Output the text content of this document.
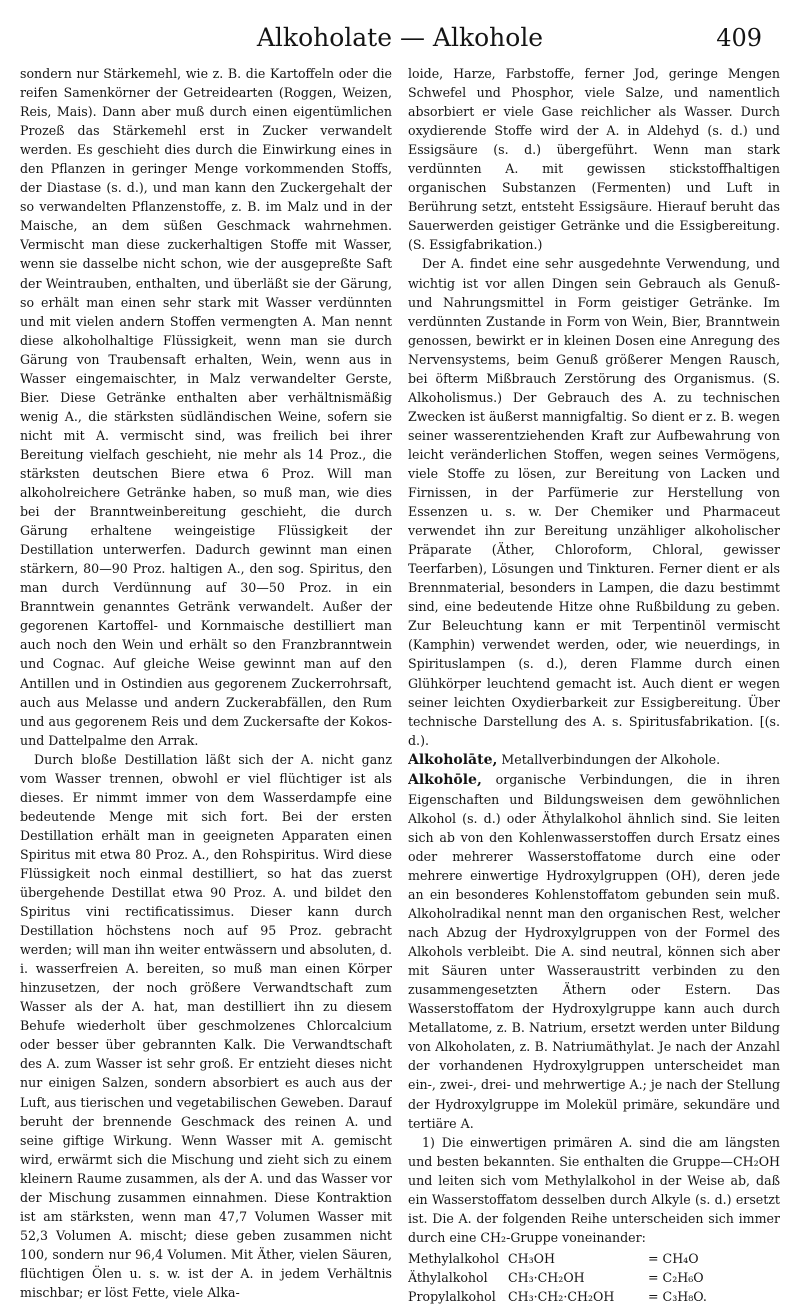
Alkoholate — Alkohole	409

sondern nur Stärkemehl, wie z. B. die Kartoffeln oder die reifen Samenkörner der Getreidearten (Roggen, Weizen, Reis, Mais). Dann aber muß durch einen eigentümlichen Prozeß das Stärkemehl erst in Zucker verwandelt werden. Es geschieht dies durch die Einwirkung eines in den Pflanzen in geringer Menge vorkommenden Stoffs, der Diastase (s. d.), und man kann den Zuckergehalt der so verwandelten Pflanzenstoffe, z. B. im Malz und in der Maische, an dem süßen Geschmack wahrnehmen. Vermischt man diese zuckerhaltigen Stoffe mit Wasser, wenn sie dasselbe nicht schon, wie der ausgepreßte Saft der Weintrauben, enthalten, und überläßt sie der Gärung, so erhält man einen sehr stark mit Wasser verdünnten und mit vielen andern Stoffen vermengten A. Man nennt diese alkoholhaltige Flüssigkeit, wenn man sie durch Gärung von Traubensaft erhalten, Wein, wenn aus in Wasser eingemaischter, in Malz verwandelter Gerste, Bier. Diese Getränke enthalten aber verhältnismäßig wenig A., die stärksten südländischen Weine, sofern sie nicht mit A. vermischt sind, was freilich bei ihrer Bereitung vielfach geschieht, nie mehr als 14 Proz., die stärksten deutschen Biere etwa 6 Proz. Will man alkoholreichere Getränke haben, so muß man, wie dies bei der Branntweinbereitung geschieht, die durch Gärung erhaltene weingeistige Flüssigkeit der Destillation unterwerfen. Dadurch gewinnt man einen stärkern, 80—90 Proz. haltigen A., den sog. Spiritus, den man durch Verdünnung auf 30—50 Proz. in ein Branntwein genanntes Getränk verwandelt. Außer der gegorenen Kartoffel- und Kornmaische destilliert man auch noch den Wein und erhält so den Franzbranntwein und Cognac. Auf gleiche Weise gewinnt man auf den Antillen und in Ostindien aus gegorenem Zuckerrohrsaft, auch aus Melasse und andern Zuckerabfällen, den Rum und aus gegorenem Reis und dem Zuckersafte der Kokos- und Dattelpalme den Arrak.

Durch bloße Destillation läßt sich der A. nicht ganz vom Wasser trennen, obwohl er viel flüchtiger ist als dieses. Er nimmt immer von dem Wasserdampfe eine bedeutende Menge mit sich fort. Bei der ersten Destillation erhält man in geeigneten Apparaten einen Spiritus mit etwa 80 Proz. A., den Rohspiritus. Wird diese Flüssigkeit noch einmal destilliert, so hat das zuerst übergehende Destillat etwa 90 Proz. A. und bildet den Spiritus vini rectificatissimus. Dieser kann durch Destillation höchstens noch auf 95 Proz. gebracht werden; will man ihn weiter entwässern und absoluten, d. i. wasserfreien A. bereiten, so muß man einen Körper hinzusetzen, der noch größere Verwandtschaft zum Wasser als der A. hat, man destilliert ihn zu diesem Behufe wiederholt über geschmolzenes Chlorcalcium oder besser über gebrannten Kalk. Die Verwandtschaft des A. zum Wasser ist sehr groß. Er entzieht dieses nicht nur einigen Salzen, sondern absorbiert es auch aus der Luft, aus tierischen und vegetabilischen Geweben. Darauf beruht der brennende Geschmack des reinen A. und seine giftige Wirkung. Wenn Wasser mit A. gemischt wird, erwärmt sich die Mischung und zieht sich zu einem kleinern Raume zusammen, als der A. und das Wasser vor der Mischung zusammen einnahmen. Diese Kontraktion ist am stärksten, wenn man 47,7 Volumen Wasser mit 52,3 Volumen A. mischt; diese geben zusammen nicht 100, sondern nur 96,4 Volumen. Mit Äther, vielen Säuren, flüchtigen Ölen u. s. w. ist der A. in jedem Verhältnis mischbar; er löst Fette, viele Alka-

loide, Harze, Farbstoffe, ferner Jod, geringe Mengen Schwefel und Phosphor, viele Salze, und namentlich absorbiert er viele Gase reichlicher als Wasser. Durch oxydierende Stoffe wird der A. in Aldehyd (s. d.) und Essigsäure (s. d.) übergeführt. Wenn man stark verdünnten A. mit gewissen stickstoffhaltigen organischen Substanzen (Fermenten) und Luft in Berührung setzt, entsteht Essigsäure. Hierauf beruht das Sauerwerden geistiger Getränke und die Essigbereitung. (S. Essigfabrikation.)

Der A. findet eine sehr ausgedehnte Verwendung, und wichtig ist vor allen Dingen sein Gebrauch als Genuß- und Nahrungsmittel in Form geistiger Getränke. Im verdünnten Zustande in Form von Wein, Bier, Branntwein genossen, bewirkt er in kleinen Dosen eine Anregung des Nervensystems, beim Genuß größerer Mengen Rausch, bei öfterm Mißbrauch Zerstörung des Organismus. (S. Alkoholismus.) Der Gebrauch des A. zu technischen Zwecken ist äußerst mannigfaltig. So dient er z. B. wegen seiner wasserentziehenden Kraft zur Aufbewahrung von leicht veränderlichen Stoffen, wegen seines Vermögens, viele Stoffe zu lösen, zur Bereitung von Lacken und Firnissen, in der Parfümerie zur Herstellung von Essenzen u. s. w. Der Chemiker und Pharmaceut verwendet ihn zur Bereitung unzähliger alkoholischer Präparate (Äther, Chloroform, Chloral, gewisser Teerfarben), Lösungen und Tinkturen. Ferner dient er als Brennmaterial, besonders in Lampen, die dazu bestimmt sind, eine bedeutende Hitze ohne Rußbildung zu geben. Zur Beleuchtung kann er mit Terpentinöl vermischt (Kamphin) verwendet werden, oder, wie neuerdings, in Spirituslampen (s. d.), deren Flamme durch einen Glühkörper leuchtend gemacht ist. Auch dient er wegen seiner leichten Oxydierbarkeit zur Essigbereitung. Über technische Darstellung des A. s. Spiritusfabrikation. [(s. d.).

Alkoholāte, Metallverbindungen der Alkohole.

Alkohōle, organische Verbindungen, die in ihren Eigenschaften und Bildungsweisen dem gewöhnlichen Alkohol (s. d.) oder Äthylalkohol ähnlich sind. Sie leiten sich ab von den Kohlenwasserstoffen durch Ersatz eines oder mehrerer Wasserstoffatome durch eine oder mehrere einwertige Hydroxylgruppen (OH), deren jede an ein besonderes Kohlenstoffatom gebunden sein muß. Alkoholradikal nennt man den organischen Rest, welcher nach Abzug der Hydroxylgruppen von der Formel des Alkohols verbleibt. Die A. sind neutral, können sich aber mit Säuren unter Wasseraustritt verbinden zu den zusammengesetzten Äthern oder Estern. Das Wasserstoffatom der Hydroxylgruppe kann auch durch Metallatome, z. B. Natrium, ersetzt werden unter Bildung von Alkoholaten, z. B. Natriumäthylat. Je nach der Anzahl der vorhandenen Hydroxylgruppen unterscheidet man ein-, zwei-, drei- und mehrwertige A.; je nach der Stellung der Hydroxylgruppe im Molekül primäre, sekundäre und tertiäre A.

1) Die einwertigen primären A. sind die am längsten und besten bekannten. Sie enthalten die Gruppe—CH₂OH und leiten sich vom Methylalkohol in der Weise ab, daß ein Wasserstoffatom desselben durch Alkyle (s. d.) ersetzt ist. Die A. der folgenden Reihe unterscheiden sich immer durch eine CH₂-Gruppe voneinander:

Methylalkohol CH₃OH	= CH₄O
Äthylalkohol	CH₃·CH₂OH	= C₂H₆O
Propylalkohol CH₃·CH₂·CH₂OH	= C₃H₈O.
